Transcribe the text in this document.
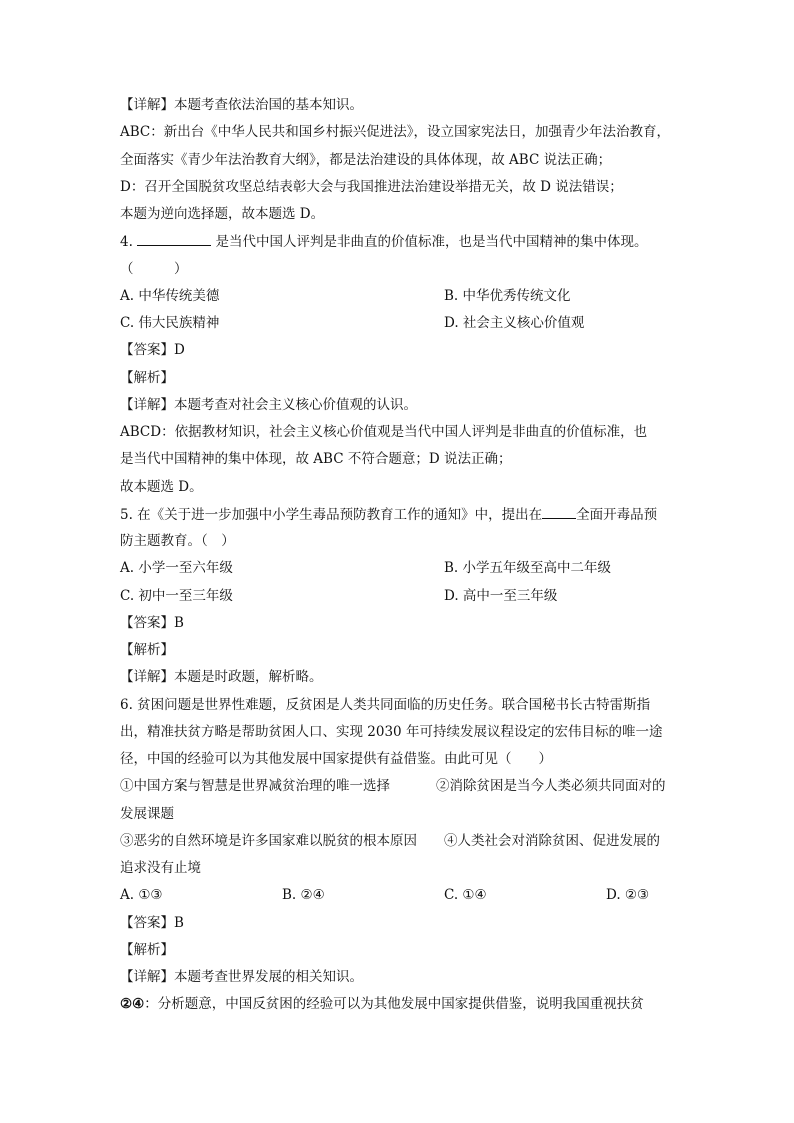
【详解】本题考查依法治国的基本知识。
ABC：新出台《中华人民共和国乡村振兴促进法》，设立国家宪法日，加强青少年法治教育，
全面落实《青少年法治教育大纲》，都是法治建设的具体体现，故 ABC 说法正确；
D：召开全国脱贫攻坚总结表彰大会与我国推进法治建设举措无关，故 D 说法错误；
本题为逆向选择题，故本题选 D。
4.	是当代中国人评判是非曲直的价值标准，也是当代中国精神的集中体现。
（　　　）
A. 中华传统美德	B. 中华优秀传统文化
C. 伟大民族精神	D. 社会主义核心价值观
【答案】D
【解析】
【详解】本题考查对社会主义核心价值观的认识。
ABCD：依据教材知识，社会主义核心价值观是当代中国人评判是非曲直的价值标准，也
是当代中国精神的集中体现，故 ABC 不符合题意；D 说法正确；
故本题选 D。
5. 在《关于进一步加强中小学生毒品预防教育工作的通知》中，提出在	全面开毒品预
防主题教育。（　）
A. 小学一至六年级	B. 小学五年级至高中二年级
C. 初中一至三年级	D. 高中一至三年级
【答案】B
【解析】
【详解】本题是时政题，解析略。
6. 贫困问题是世界性难题，反贫困是人类共同面临的历史任务。联合国秘书长古特雷斯指
出，精准扶贫方略是帮助贫困人口、实现 2030 年可持续发展议程设定的宏伟目标的唯一途
径，中国的经验可以为其他发展中国家提供有益借鉴。由此可见（　　）
①中国方案与智慧是世界减贫治理的唯一选择	②消除贫困是当今人类必须共同面对的
发展课题
③恶劣的自然环境是许多国家难以脱贫的根本原因 ④人类社会对消除贫困、促进发展的
追求没有止境
A. ①③	B. ②④	C. ①④	D. ②③
【答案】B
【解析】
【详解】本题考查世界发展的相关知识。
②④：分析题意，中国反贫困的经验可以为其他发展中国家提供借鉴，说明我国重视扶贫
